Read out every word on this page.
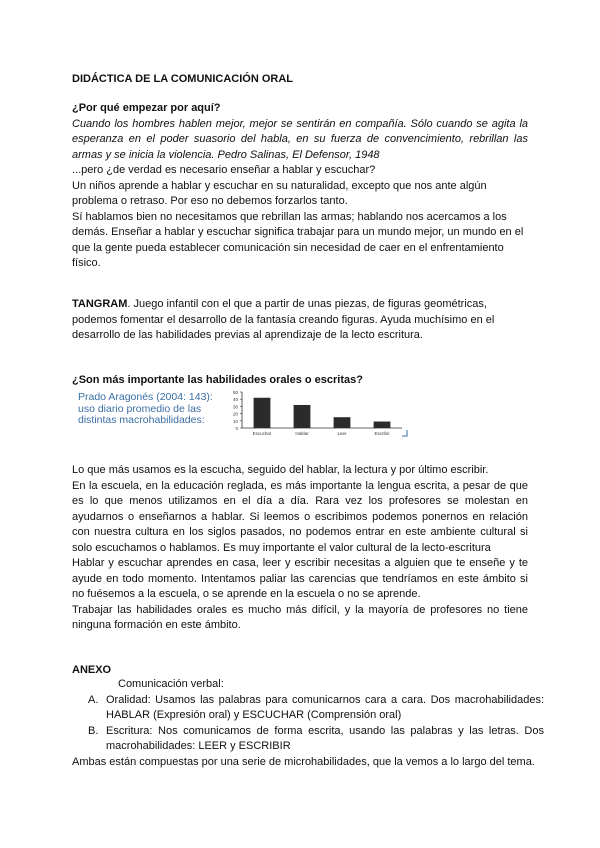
DIDÁCTICA DE LA COMUNICACIÓN ORAL
¿Por qué empezar por aquí?
Cuando los hombres hablen mejor, mejor se sentirán en compañía. Sólo cuando se agita la esperanza en el poder suasorio del habla, en su fuerza de convencimiento, rebrillan las armas y se inicia la violencia. Pedro Salinas, El Defensor, 1948
...pero ¿de verdad es necesario enseñar a hablar y escuchar?
Un niños aprende a hablar y escuchar en su naturalidad, excepto que nos ante algún problema o retraso. Por eso no debemos forzarlos tanto.
Sí hablamos bien no necesitamos que rebrillan las armas; hablando nos acercamos a los demás. Enseñar a hablar y escuchar significa trabajar para un mundo mejor, un mundo en el que la gente pueda establecer comunicación sin necesidad de caer en el enfrentamiento físico.
TANGRAM. Juego infantil con el que a partir de unas piezas, de figuras geométricas, podemos fomentar el desarrollo de la fantasía creando figuras. Ayuda muchísimo en el desarrollo de las habilidades previas al aprendizaje de la lecto escritura.
¿Son más importante las habilidades orales o escritas?
Prado Aragonés (2004: 143):
uso diario promedio de las
distintas macrohabilidades:
0
10
20
30
40
50
Escuchar	Hablar	Leer	Escribir
Lo que más usamos es la escucha, seguido del hablar, la lectura y por último escribir.
En la escuela, en la educación reglada, es más importante la lengua escrita, a pesar de que es lo que menos utilizamos en el día a día. Rara vez los profesores se molestan en ayudarnos o enseñarnos a hablar. Si leemos o escribimos podemos ponernos en relación con nuestra cultura en los siglos pasados, no podemos entrar en este ambiente cultural si solo escuchamos o hablamos. Es muy importante el valor cultural de la lecto-escritura
Hablar y escuchar aprendes en casa, leer y escribir necesitas a alguien que te enseñe y te ayude en todo momento. Intentamos paliar las carencias que tendríamos en este ámbito si no fuésemos a la escuela, o se aprende en la escuela o no se aprende.
Trabajar las habilidades orales es mucho más difícil, y la mayoría de profesores no tiene ninguna formación en este ámbito.
ANEXO
Comunicación verbal:
A. Oralidad: Usamos las palabras para comunicarnos cara a cara. Dos macrohabilidades: HABLAR (Expresión oral) y ESCUCHAR (Comprensión oral)
B. Escritura: Nos comunicamos de forma escrita, usando las palabras y las letras. Dos macrohabilidades: LEER y ESCRIBIR
Ambas están compuestas por una serie de microhabilidades, que la vemos a lo largo del tema.
